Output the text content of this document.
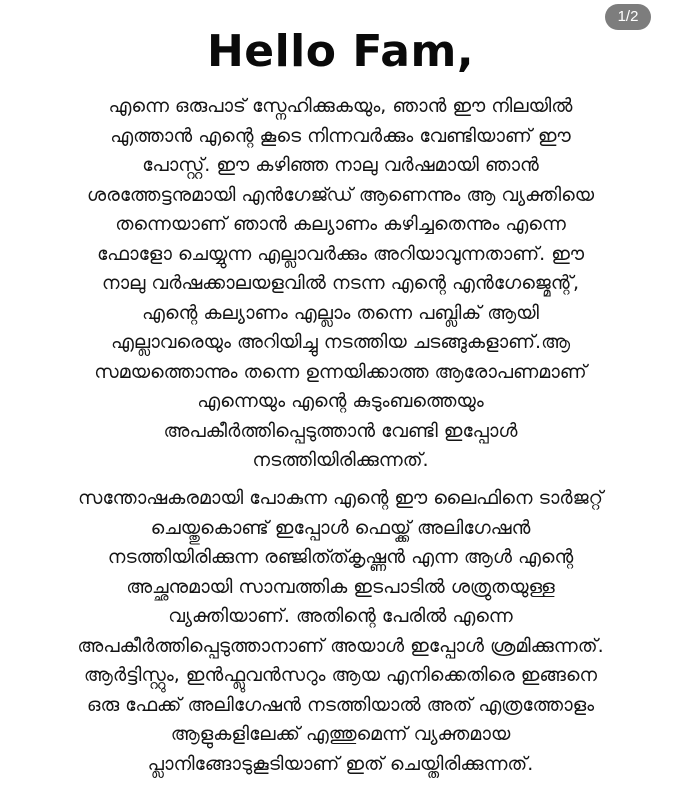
1/2
Hello Fam,
എന്നെ ഒരുപാട് സ്നേഹിക്കുകയും, ഞാൻ ഈ നിലയിൽ
എത്താൻ എന്റെ കൂടെ നിന്നവർക്കും വേണ്ടിയാണ് ഈ
പോസ്റ്റ്. ഈ കഴിഞ്ഞ നാലു വർഷമായി ഞാൻ
ശരത്തേട്ടനുമായി എൻഗേജ്ഡ് ആണെന്നും ആ വ്യക്തിയെ
തന്നെയാണ് ഞാൻ കല്യാണം കഴിച്ചതെന്നും എന്നെ
ഫോളോ ചെയ്യുന്ന എല്ലാവർക്കും അറിയാവുന്നതാണ്. ഈ
നാലു വർഷക്കാലയളവിൽ നടന്ന എന്റെ എൻഗേജ്മെന്റ്,
എന്റെ കല്യാണം എല്ലാം തന്നെ പബ്ലിക് ആയി
എല്ലാവരെയും അറിയിച്ചു നടത്തിയ ചടങ്ങുകളാണ്.ആ
സമയത്തൊന്നും തന്നെ ഉന്നയിക്കാത്ത ആരോപണമാണ്
എന്നെയും എന്റെ കുടുംബത്തെയും
അപകീർത്തിപ്പെടുത്താൻ വേണ്ടി ഇപ്പോൾ
നടത്തിയിരിക്കുന്നത്.
സന്തോഷകരമായി പോകുന്ന എന്റെ ഈ ലൈഫിനെ ടാർജറ്റ്
ചെയ്തുകൊണ്ട് ഇപ്പോൾ ഫെയ്ക്ക് അലിഗേഷൻ
നടത്തിയിരിക്കുന്ന രഞ്ജിത്ത്കൃഷ്ണൻ എന്ന ആൾ എന്റെ
അച്ഛനുമായി സാമ്പത്തിക ഇടപാടിൽ ശത്രുതയുള്ള
വ്യക്തിയാണ്. അതിന്റെ പേരിൽ എന്നെ
അപകീർത്തിപ്പെടുത്താനാണ് അയാൾ ഇപ്പോൾ ശ്രമിക്കുന്നത്.
ആർട്ടിസ്റ്റും, ഇൻഫ്ലുവൻസറും ആയ എനിക്കെതിരെ ഇങ്ങനെ
ഒരു ഫേക്ക് അലിഗേഷൻ നടത്തിയാൽ അത് എത്രത്തോളം
ആളുകളിലേക്ക് എത്തുമെന്ന് വ്യക്തമായ
പ്ലാനിങ്ങോടുകൂടിയാണ് ഇത് ചെയ്തിരിക്കുന്നത്.
